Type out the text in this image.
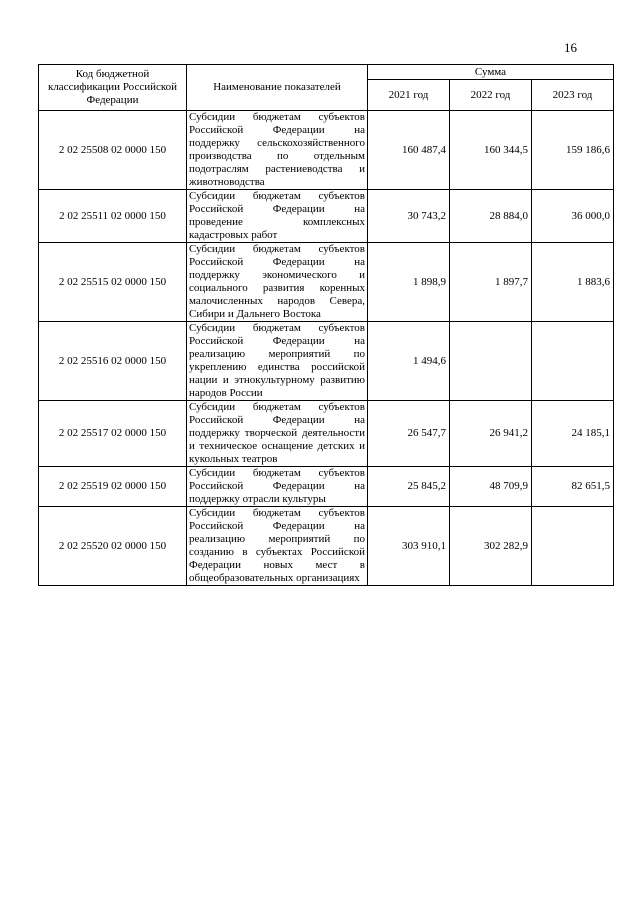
16
Код бюджетной классификации Российской Федерации	Наименование показателей	Сумма		
		2021 год	2022 год	2023 год
2 02 25508 02 0000 150	Субсидии бюджетам субъектов Российской Федерации на поддержку сельскохозяйственного производства по отдельным подотраслям растениеводства и животноводства	160 487,4	160 344,5	159 186,6
2 02 25511 02 0000 150	Субсидии бюджетам субъектов Российской Федерации на проведение комплексных кадастровых работ	30 743,2	28 884,0	36 000,0
2 02 25515 02 0000 150	Субсидии бюджетам субъектов Российской Федерации на поддержку экономического и социального развития коренных малочисленных народов Севера, Сибири и Дальнего Востока	1 898,9	1 897,7	1 883,6
2 02 25516 02 0000 150	Субсидии бюджетам субъектов Российской Федерации на реализацию мероприятий по укреплению единства российской нации и этнокультурному развитию народов России	1 494,6		
2 02 25517 02 0000 150	Субсидии бюджетам субъектов Российской Федерации на поддержку творческой деятельности и техническое оснащение детских и кукольных театров	26 547,7	26 941,2	24 185,1
2 02 25519 02 0000 150	Субсидии бюджетам субъектов Российской Федерации на поддержку отрасли культуры	25 845,2	48 709,9	82 651,5
2 02 25520 02 0000 150	Субсидии бюджетам субъектов Российской Федерации на реализацию мероприятий по созданию в субъектах Российской Федерации новых мест в общеобразовательных организациях	303 910,1	302 282,9	
